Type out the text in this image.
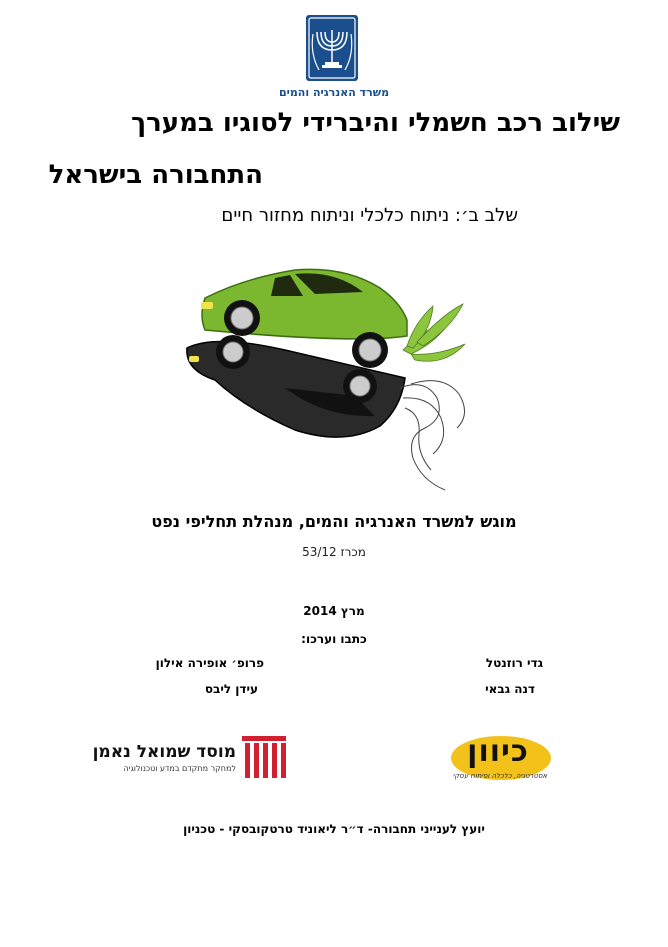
משרד האנרגיה והמים
שילוב רכב חשמלי והיברידי לסוגיו במערך
התחבורה בישראל
שלב ב׳: ניתוח כלכלי וניתוח מחזור חיים
מוגש למשרד האנרגיה והמים, מנהלת תחליפי נפט
מכרז 53/12
מרץ 2014
כתבו וערכו:
גדי רוזנטל
דנה גבאי
פרופ׳ אופירה אילון
עידן ליבס
כיוון
אסטרטגיה, כלכלה ופיתוח עסקי
מוסד שמואל נאמן
למחקר מתקדם במדע וטכנולוגיה
יועץ לענייני תחבורה- ד״ר ליאוניד טרטקובסקי - טכניון
